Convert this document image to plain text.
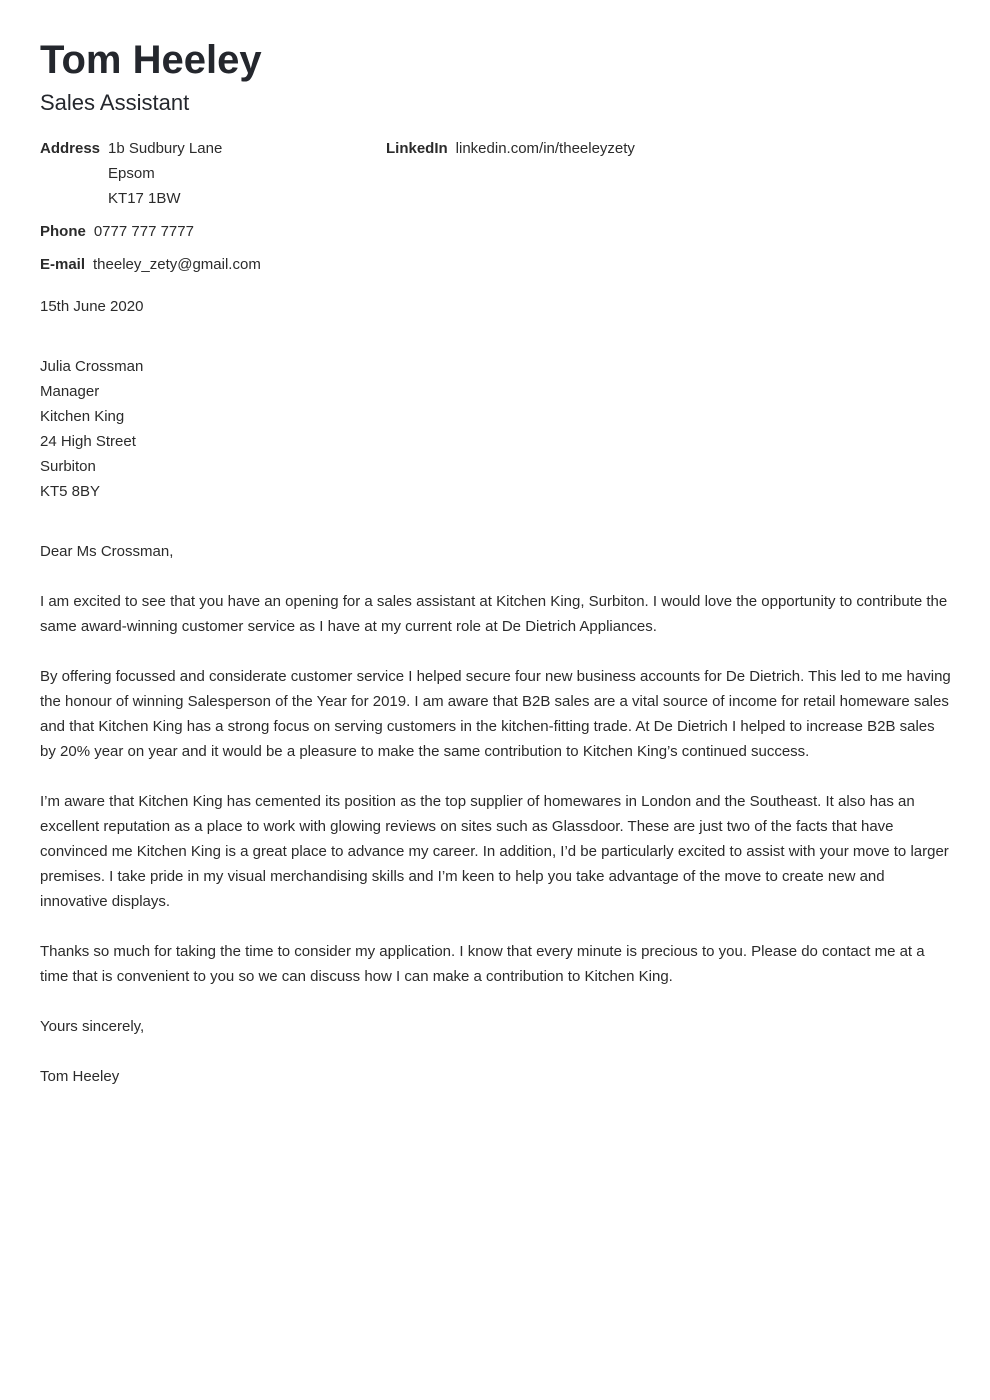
Tom Heeley
Sales Assistant
Address 1b Sudbury Lane
Epsom
KT17 1BW
Phone 0777 777 7777
E-mail theeley_zety@gmail.com
LinkedIn linkedin.com/in/theeleyzety
15th June 2020
Julia Crossman
Manager
Kitchen King
24 High Street
Surbiton
KT5 8BY
Dear Ms Crossman,
I am excited to see that you have an opening for a sales assistant at Kitchen King, Surbiton. I would love the opportunity to contribute the same award-winning customer service as I have at my current role at De Dietrich Appliances.
By offering focussed and considerate customer service I helped secure four new business accounts for De Dietrich. This led to me having the honour of winning Salesperson of the Year for 2019. I am aware that B2B sales are a vital source of income for retail homeware sales and that Kitchen King has a strong focus on serving customers in the kitchen-fitting trade. At De Dietrich I helped to increase B2B sales by 20% year on year and it would be a pleasure to make the same contribution to Kitchen King’s continued success.
I’m aware that Kitchen King has cemented its position as the top supplier of homewares in London and the Southeast. It also has an excellent reputation as a place to work with glowing reviews on sites such as Glassdoor. These are just two of the facts that have convinced me Kitchen King is a great place to advance my career. In addition, I’d be particularly excited to assist with your move to larger premises. I take pride in my visual merchandising skills and I’m keen to help you take advantage of the move to create new and innovative displays.
Thanks so much for taking the time to consider my application. I know that every minute is precious to you. Please do contact me at a time that is convenient to you so we can discuss how I can make a contribution to Kitchen King.
Yours sincerely,
Tom Heeley
